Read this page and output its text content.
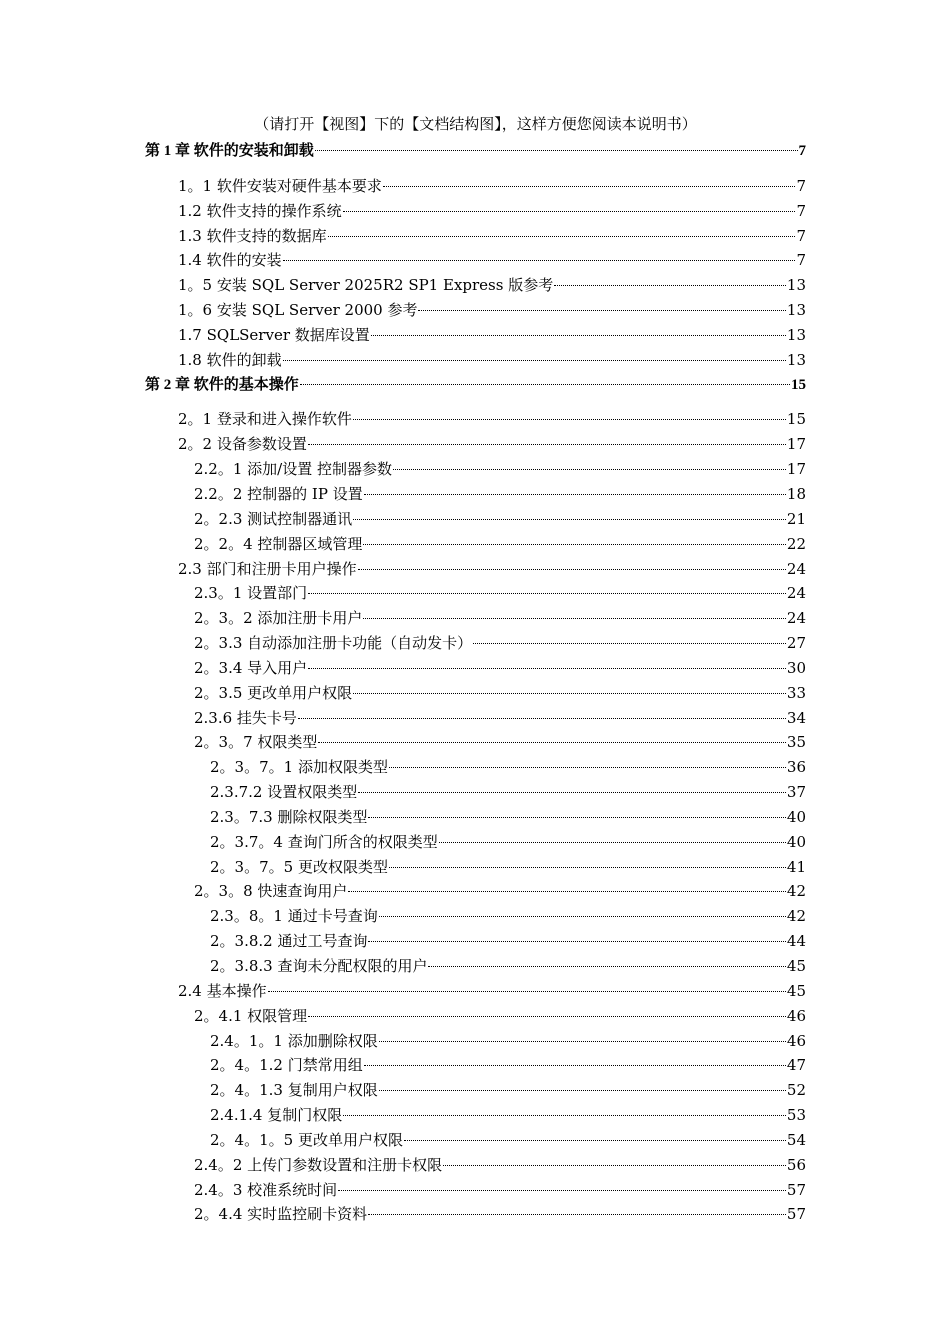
（请打开【视图】下的【文档结构图】，这样方便您阅读本说明书）
第 1 章 软件的安装和卸载	7
1。1 软件安装对硬件基本要求	7
1.2 软件支持的操作系统	7
1.3 软件支持的数据库	7
1.4 软件的安装	7
1。5 安装 SQL Server 2025R2 SP1 Express 版参考	13
1。6 安装 SQL Server 2000 参考	13
1.7 SQLServer 数据库设置	13
1.8 软件的卸载	13
第 2 章 软件的基本操作	15
2。1 登录和进入操作软件	15
2。2 设备参数设置	17
2.2。1 添加/设置 控制器参数	17
2.2。2 控制器的 IP 设置	18
2。2.3 测试控制器通讯	21
2。2。4 控制器区域管理	22
2.3 部门和注册卡用户操作	24
2.3。1 设置部门	24
2。3。2 添加注册卡用户	24
2。3.3 自动添加注册卡功能（自动发卡）	27
2。3.4 导入用户	30
2。3.5 更改单用户权限	33
2.3.6 挂失卡号	34
2。3。7 权限类型	35
2。3。7。1 添加权限类型	36
2.3.7.2 设置权限类型	37
2.3。7.3 删除权限类型	40
2。3.7。4 查询门所含的权限类型	40
2。3。7。5 更改权限类型	41
2。3。8 快速查询用户	42
2.3。8。1 通过卡号查询	42
2。3.8.2 通过工号查询	44
2。3.8.3 查询未分配权限的用户	45
2.4 基本操作	45
2。4.1 权限管理	46
2.4。1。1 添加删除权限	46
2。4。1.2 门禁常用组	47
2。4。1.3 复制用户权限	52
2.4.1.4 复制门权限	53
2。4。1。5 更改单用户权限	54
2.4。2 上传门参数设置和注册卡权限	56
2.4。3 校准系统时间	57
2。4.4 实时监控刷卡资料	57
